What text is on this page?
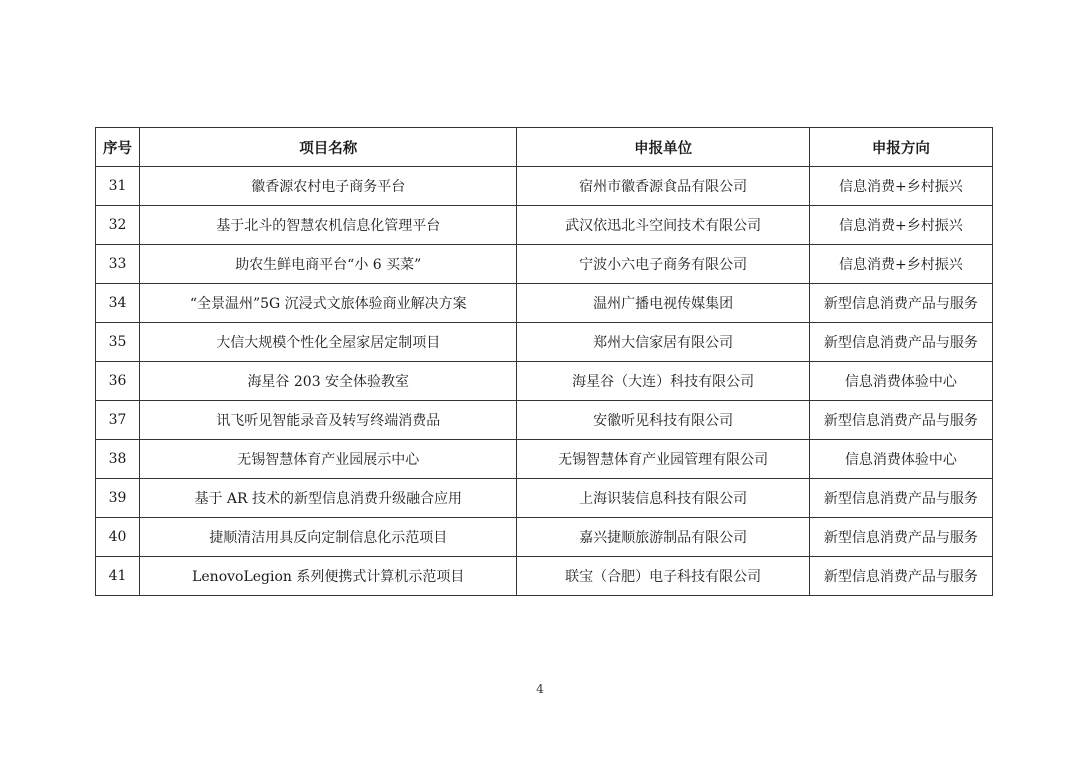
序号	项目名称	申报单位	申报方向
31	徽香源农村电子商务平台	宿州市徽香源食品有限公司	信息消费+乡村振兴
32	基于北斗的智慧农机信息化管理平台	武汉依迅北斗空间技术有限公司	信息消费+乡村振兴
33	助农生鲜电商平台“小 6 买菜”	宁波小六电子商务有限公司	信息消费+乡村振兴
34	“全景温州”5G 沉浸式文旅体验商业解决方案	温州广播电视传媒集团	新型信息消费产品与服务
35	大信大规模个性化全屋家居定制项目	郑州大信家居有限公司	新型信息消费产品与服务
36	海星谷 203 安全体验教室	海星谷（大连）科技有限公司	信息消费体验中心
37	讯飞听见智能录音及转写终端消费品	安徽听见科技有限公司	新型信息消费产品与服务
38	无锡智慧体育产业园展示中心	无锡智慧体育产业园管理有限公司	信息消费体验中心
39	基于 AR 技术的新型信息消费升级融合应用	上海识装信息科技有限公司	新型信息消费产品与服务
40	捷顺清洁用具反向定制信息化示范项目	嘉兴捷顺旅游制品有限公司	新型信息消费产品与服务
41	LenovoLegion 系列便携式计算机示范项目	联宝（合肥）电子科技有限公司	新型信息消费产品与服务
4
